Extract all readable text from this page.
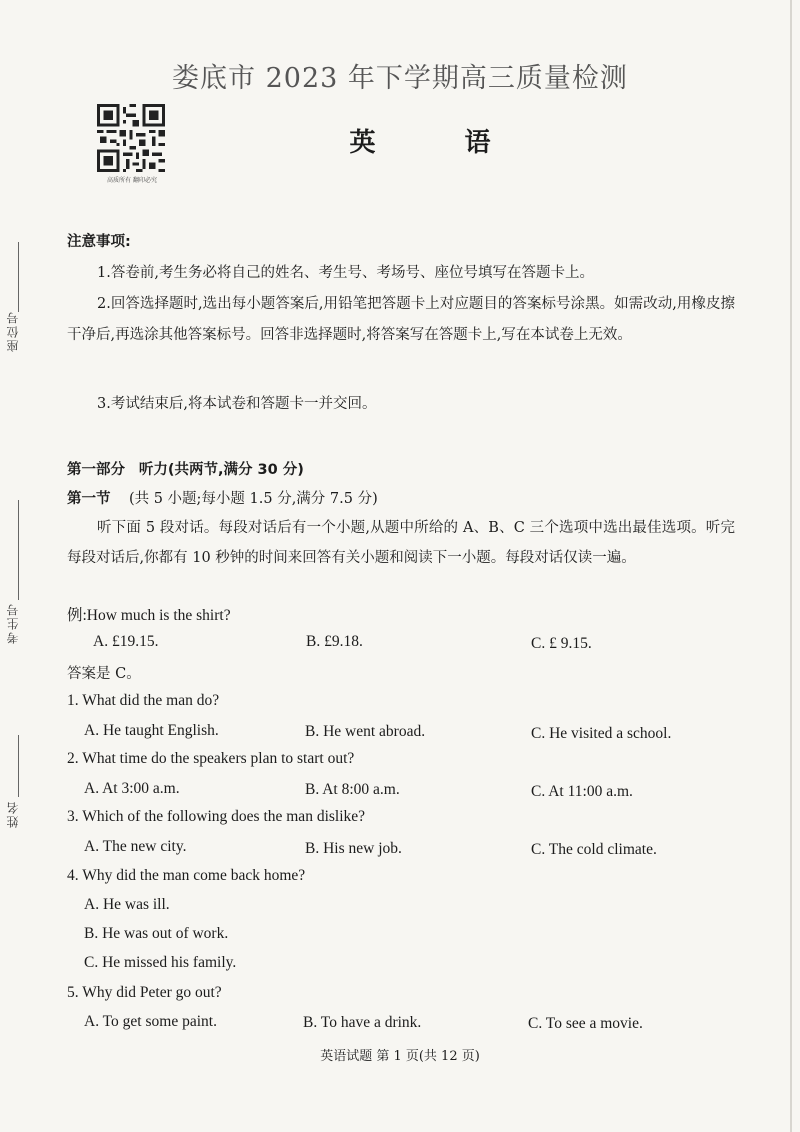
娄底市 2023 年下学期高三质量检测
高质所有 翻印必究
英 语
座位号
考生号
姓名
注意事项:
1.答卷前,考生务必将自己的姓名、考生号、考场号、座位号填写在答题卡上。
2.回答选择题时,选出每小题答案后,用铅笔把答题卡上对应题目的答案标号涂黑。如需改动,用橡皮擦干净后,再选涂其他答案标号。回答非选择题时,将答案写在答题卡上,写在本试卷上无效。
3.考试结束后,将本试卷和答题卡一并交回。
第一部分 听力(共两节,满分 30 分)
第一节 (共 5 小题;每小题 1.5 分,满分 7.5 分)
听下面 5 段对话。每段对话后有一个小题,从题中所给的 A、B、C 三个选项中选出最佳选项。听完每段对话后,你都有 10 秒钟的时间来回答有关小题和阅读下一小题。每段对话仅读一遍。
例:How much is the shirt?
A. £19.15.	B. £9.18.	C. £ 9.15.
答案是 C。
1. What did the man do?
A. He taught English.	B. He went abroad.	C. He visited a school.
2. What time do the speakers plan to start out?
A. At 3:00 a.m.	B. At 8:00 a.m.	C. At 11:00 a.m.
3. Which of the following does the man dislike?
A. The new city.	B. His new job.	C. The cold climate.
4. Why did the man come back home?
A. He was ill.
B. He was out of work.
C. He missed his family.
5. Why did Peter go out?
A. To get some paint.	B. To have a drink.	C. To see a movie.
英语试题 第 1 页(共 12 页)
